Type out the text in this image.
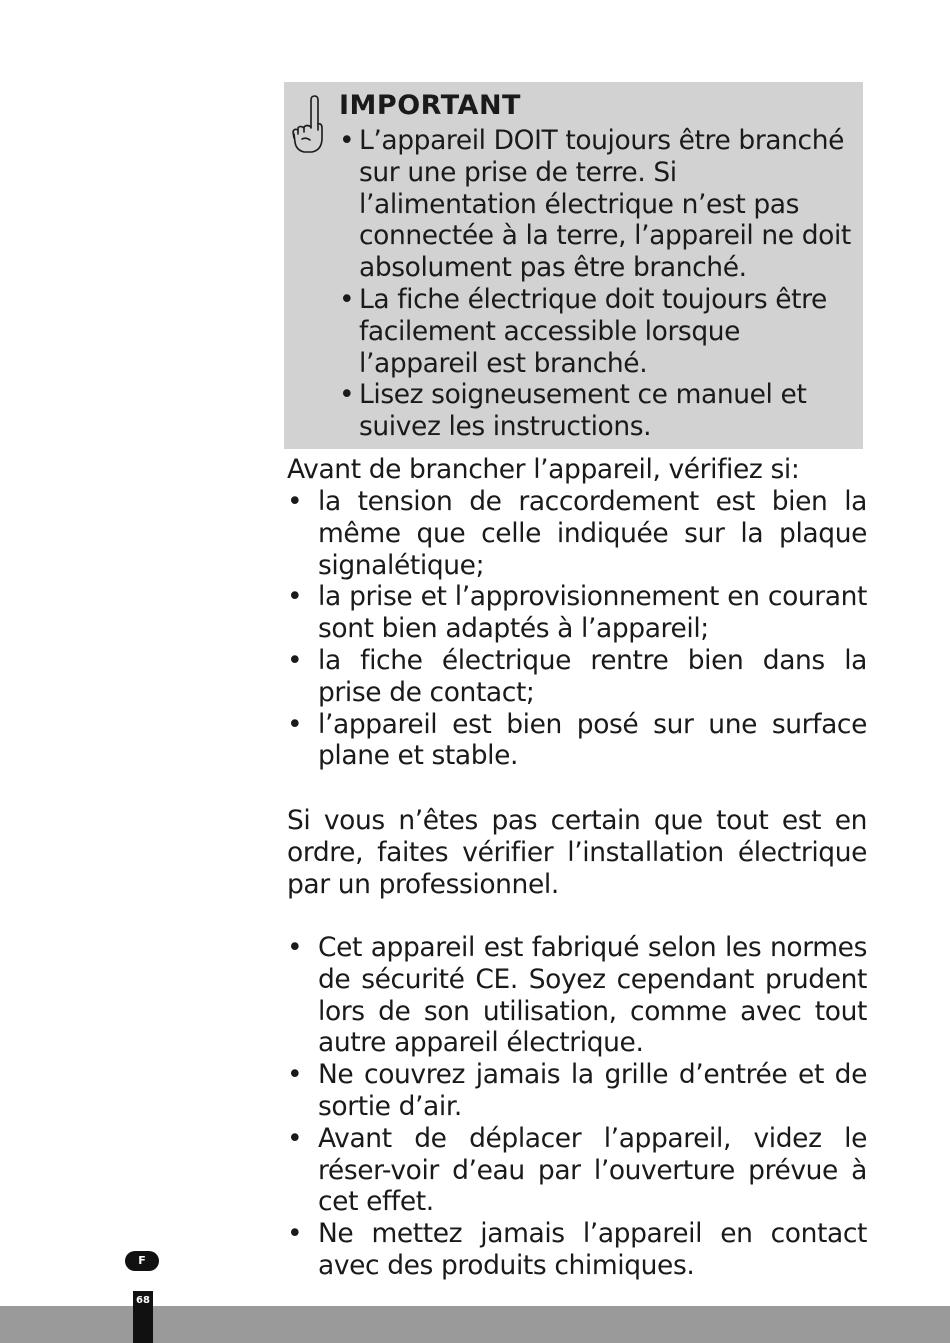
IMPORTANT
• L’appareil DOIT toujours être branché sur une prise de terre. Si l’alimentation électrique n’est pas connectée à la terre, l’appareil ne doit absolument pas être branché.
• La fiche électrique doit toujours être facilement accessible lorsque l’appareil est branché.
• Lisez soigneusement ce manuel et suivez les instructions.

Avant de brancher l’appareil, vérifiez si:

• la tension de raccordement est bien la même que celle indiquée sur la plaque signalétique;
• la prise et l’approvisionnement en courant sont bien adaptés à l’appareil;
• la fiche électrique rentre bien dans la prise de contact;
• l’appareil est bien posé sur une surface plane et stable.

Si vous n’êtes pas certain que tout est en ordre, faites vérifier l’installation électrique par un professionnel.

• Cet appareil est fabriqué selon les normes de sécurité CE. Soyez cependant prudent lors de son utilisation, comme avec tout autre appareil électrique.
• Ne couvrez jamais la grille d’entrée et de sortie d’air.
• Avant de déplacer l’appareil, videz le réser-voir d’eau par l’ouverture prévue à cet effet.
• Ne mettez jamais l’appareil en contact avec des produits chimiques.
F
68
